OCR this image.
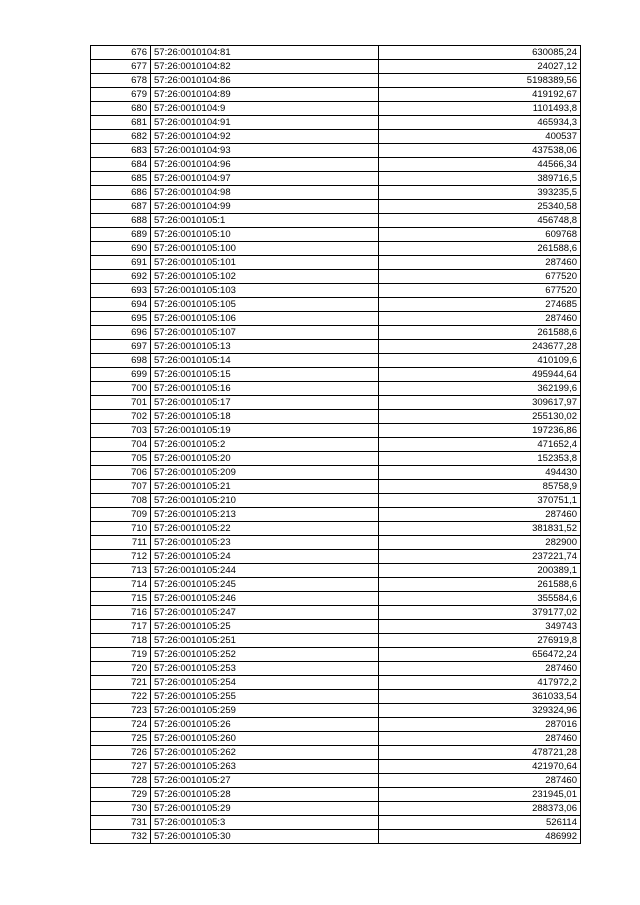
676	57:26:0010104:81	630085,24
677	57:26:0010104:82	24027,12
678	57:26:0010104:86	5198389,56
679	57:26:0010104:89	419192,67
680	57:26:0010104:9	1101493,8
681	57:26:0010104:91	465934,3
682	57:26:0010104:92	400537
683	57:26:0010104:93	437538,06
684	57:26:0010104:96	44566,34
685	57:26:0010104:97	389716,5
686	57:26:0010104:98	393235,5
687	57:26:0010104:99	25340,58
688	57:26:0010105:1	456748,8
689	57:26:0010105:10	609768
690	57:26:0010105:100	261588,6
691	57:26:0010105:101	287460
692	57:26:0010105:102	677520
693	57:26:0010105:103	677520
694	57:26:0010105:105	274685
695	57:26:0010105:106	287460
696	57:26:0010105:107	261588,6
697	57:26:0010105:13	243677,28
698	57:26:0010105:14	410109,6
699	57:26:0010105:15	495944,64
700	57:26:0010105:16	362199,6
701	57:26:0010105:17	309617,97
702	57:26:0010105:18	255130,02
703	57:26:0010105:19	197236,86
704	57:26:0010105:2	471652,4
705	57:26:0010105:20	152353,8
706	57:26:0010105:209	494430
707	57:26:0010105:21	85758,9
708	57:26:0010105:210	370751,1
709	57:26:0010105:213	287460
710	57:26:0010105:22	381831,52
711	57:26:0010105:23	282900
712	57:26:0010105:24	237221,74
713	57:26:0010105:244	200389,1
714	57:26:0010105:245	261588,6
715	57:26:0010105:246	355584,6
716	57:26:0010105:247	379177,02
717	57:26:0010105:25	349743
718	57:26:0010105:251	276919,8
719	57:26:0010105:252	656472,24
720	57:26:0010105:253	287460
721	57:26:0010105:254	417972,2
722	57:26:0010105:255	361033,54
723	57:26:0010105:259	329324,96
724	57:26:0010105:26	287016
725	57:26:0010105:260	287460
726	57:26:0010105:262	478721,28
727	57:26:0010105:263	421970,64
728	57:26:0010105:27	287460
729	57:26:0010105:28	231945,01
730	57:26:0010105:29	288373,06
731	57:26:0010105:3	526114
732	57:26:0010105:30	486992
